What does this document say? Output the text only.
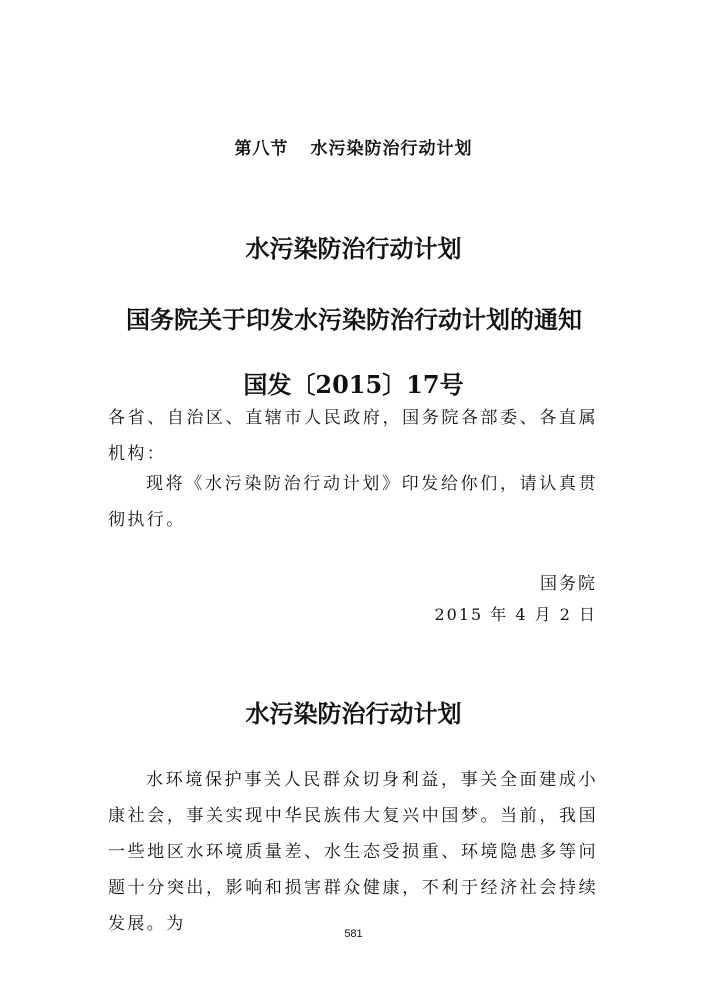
第八节 水污染防治行动计划
水污染防治行动计划
国务院关于印发水污染防治行动计划的通知
国发〔2015〕17号
各省、自治区、直辖市人民政府，国务院各部委、各直属机构：
现将《水污染防治行动计划》印发给你们，请认真贯彻执行。
国务院
2015 年 4 月 2 日
水污染防治行动计划
水环境保护事关人民群众切身利益，事关全面建成小康社会，事关实现中华民族伟大复兴中国梦。当前，我国一些地区水环境质量差、水生态受损重、环境隐患多等问题十分突出，影响和损害群众健康，不利于经济社会持续发展。为	581
